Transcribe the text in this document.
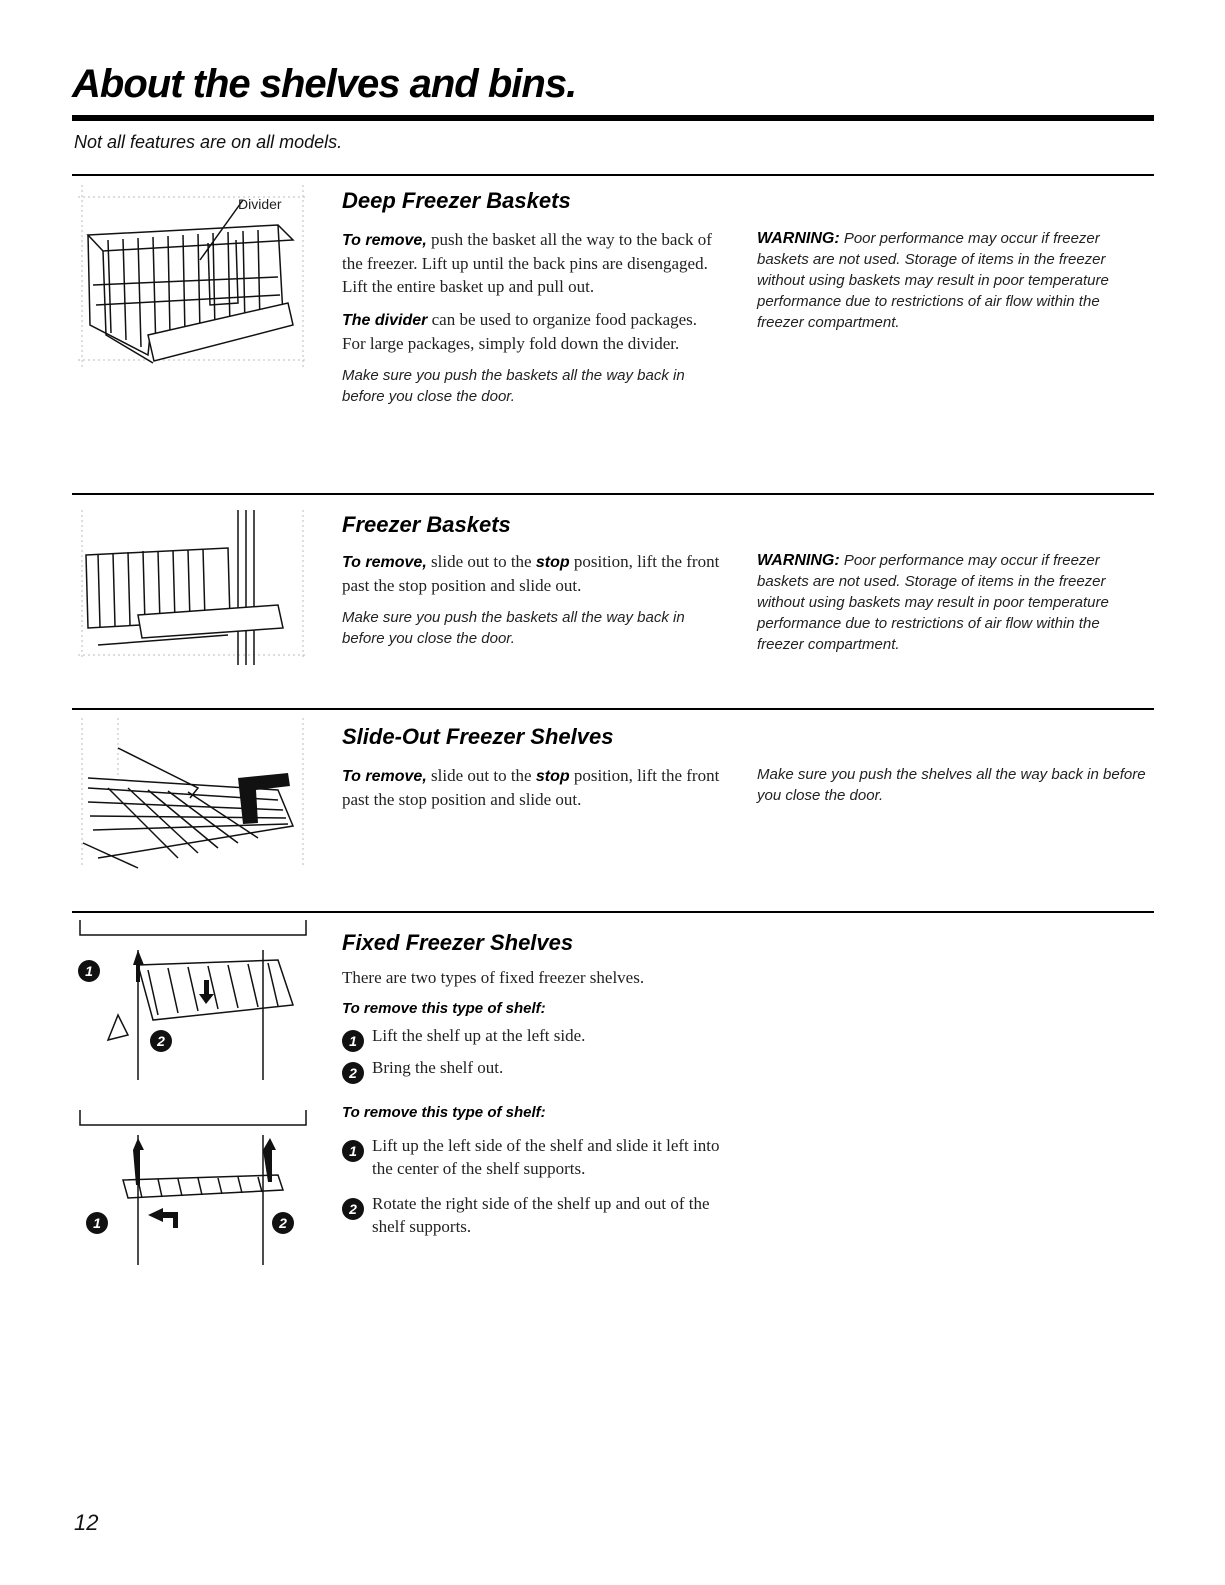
About the shelves and bins.
Not all features are on all models.
Divider	Deep Freezer Baskets

To remove, push the basket all the way to the back of the freezer. Lift up until the back pins are disengaged. Lift the entire basket up and pull out.

The divider can be used to organize food packages. For large packages, simply fold down the divider.

Make sure you push the baskets all the way back in before you close the door.

WARNING: Poor performance may occur if freezer baskets are not used. Storage of items in the freezer without using baskets may result in poor temperature performance due to restrictions of air flow within the freezer compartment.
Freezer Baskets

To remove, slide out to the stop position, lift the front past the stop position and slide out.

Make sure you push the baskets all the way back in before you close the door.

WARNING: Poor performance may occur if freezer baskets are not used. Storage of items in the freezer without using baskets may result in poor temperature performance due to restrictions of air flow within the freezer compartment.
Slide-Out Freezer Shelves

To remove, slide out to the stop position, lift the front past the stop position and slide out.

Make sure you push the shelves all the way back in before you close the door.
1
2
1	2
Fixed Freezer Shelves
There are two types of fixed freezer shelves.
To remove this type of shelf:
1 Lift the shelf up at the left side.
2 Bring the shelf out.
To remove this type of shelf:
1 Lift up the left side of the shelf and slide it left into the center of the shelf supports.
2 Rotate the right side of the shelf up and out of the shelf supports.
12
